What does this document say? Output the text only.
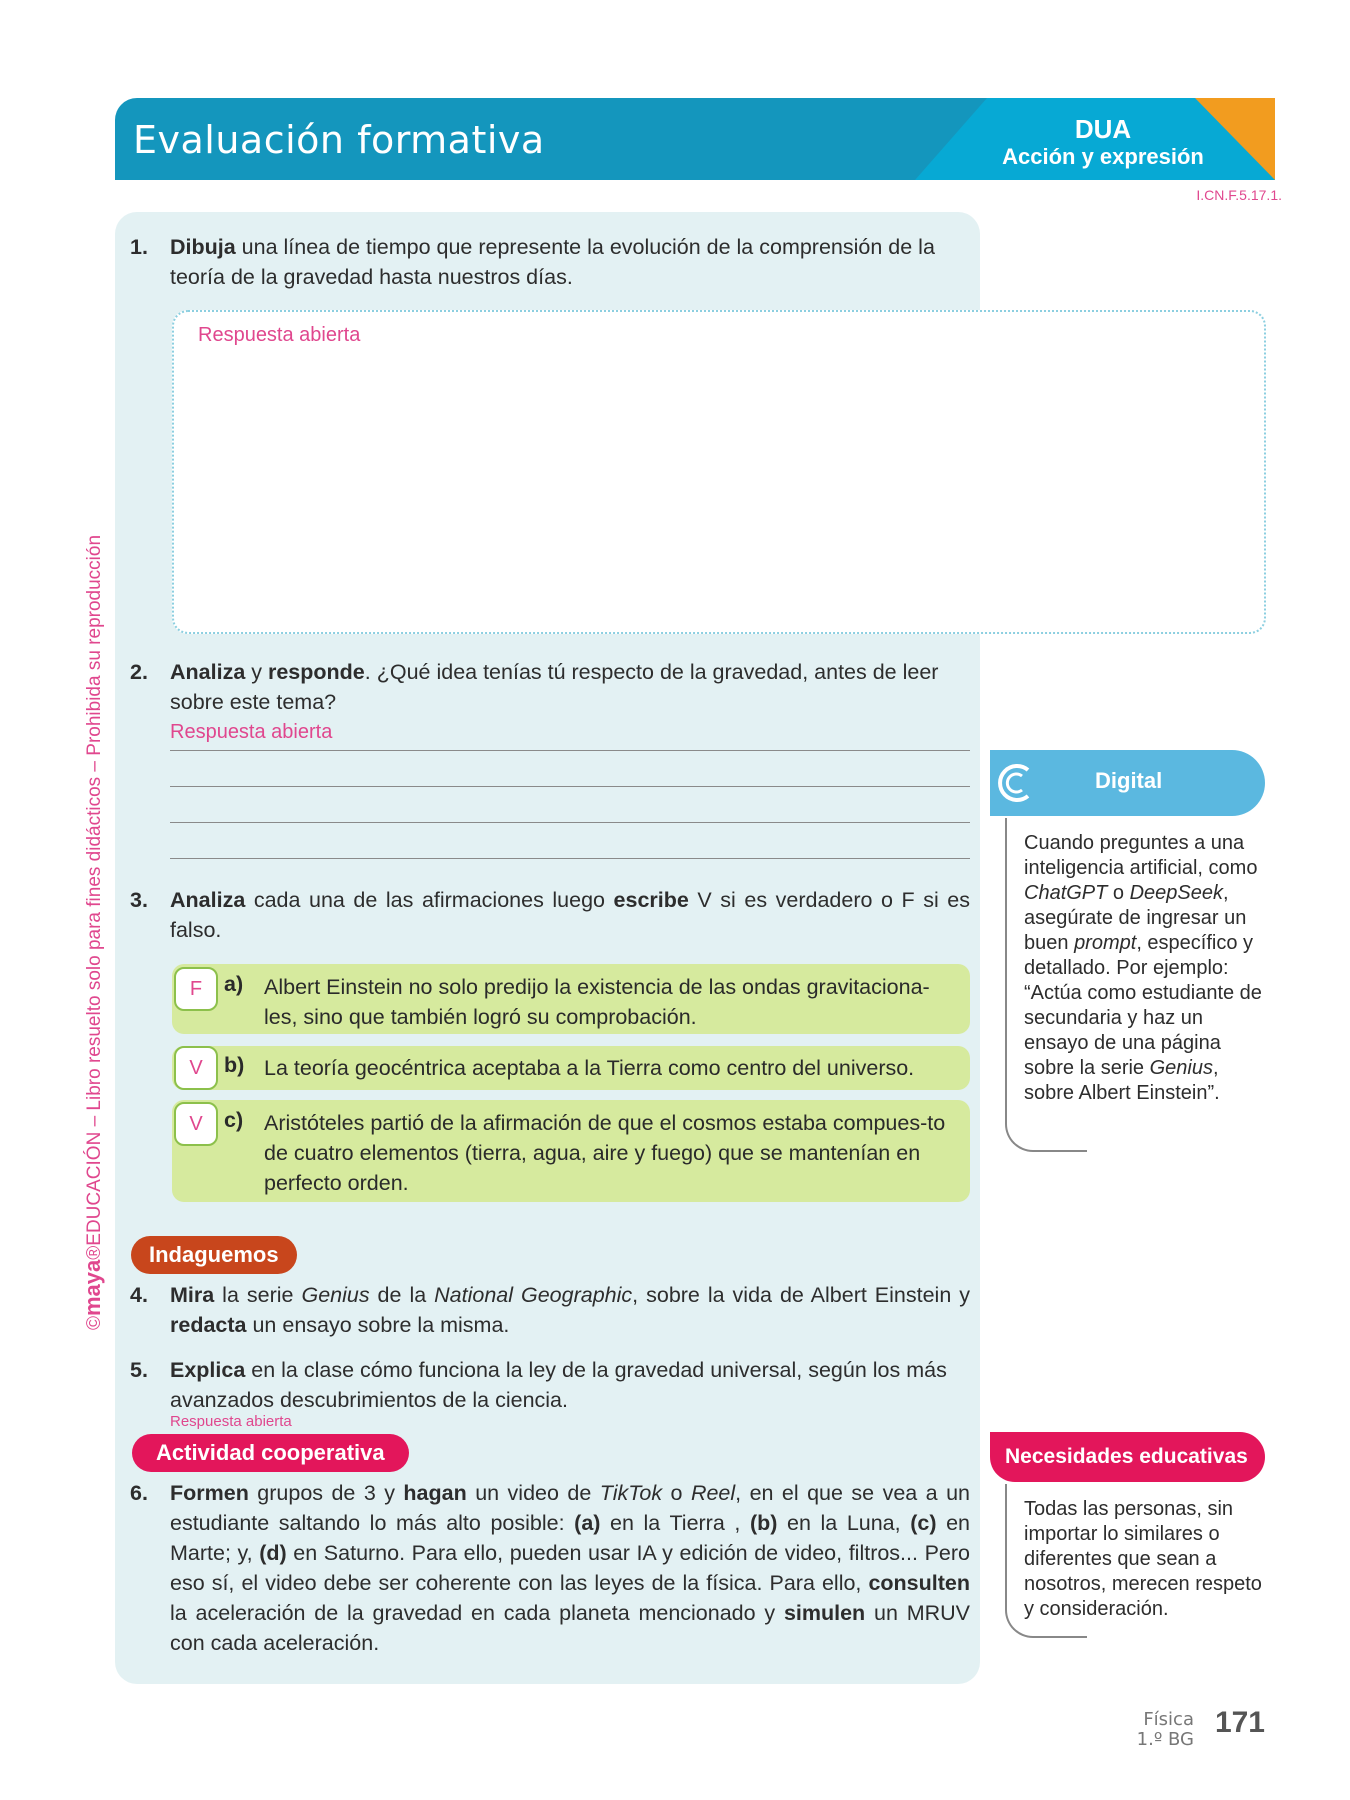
Evaluación formativa	DUA
Acción y expresión
I.CN.F.5.17.1.
©maya®EDUCACIÓN – Libro resuelto solo para fines didácticos – Prohibida su reproducción
1. Dibuja una línea de tiempo que represente la evolución de la comprensión de la teoría de la gravedad hasta nuestros días.
Respuesta abierta
2. Analiza y responde. ¿Qué idea tenías tú respecto de la gravedad, antes de leer sobre este tema?
Respuesta abierta
3. Analiza cada una de las afirmaciones luego escribe V si es verdadero o F si es falso.
F	a) Albert Einstein no solo predijo la existencia de las ondas gravitaciona-les, sino que también logró su comprobación.
V b) La teoría geocéntrica aceptaba a la Tierra como centro del universo.
V c) Aristóteles partió de la afirmación de que el cosmos estaba compues-to de cuatro elementos (tierra, agua, aire y fuego) que se mantenían en perfecto orden.
Indaguemos
4. Mira la serie Genius de la National Geographic, sobre la vida de Albert Einstein y redacta un ensayo sobre la misma.
5. Explica en la clase cómo funciona la ley de la gravedad universal, según los más avanzados descubrimientos de la ciencia.
Respuesta abierta
Actividad cooperativa
6. Formen grupos de 3 y hagan un video de TikTok o Reel, en el que se vea a un estudiante saltando lo más alto posible: (a) en la Tierra , (b) en la Luna, (c) en Marte; y, (d) en Saturno. Para ello, pueden usar IA y edición de video, filtros... Pero eso sí, el video debe ser coherente con las leyes de la física. Para ello, consulten la aceleración de la gravedad en cada planeta mencionado y simulen un MRUV con cada aceleración.
Digital
Cuando preguntes a una inteligencia artificial, como ChatGPT o DeepSeek, asegúrate de ingresar un buen prompt, específico y detallado. Por ejemplo: “Actúa como estudiante de secundaria y haz un ensayo de una página sobre la serie Genius, sobre Albert Einstein”.
Necesidades educativas
Todas las personas, sin importar lo similares o diferentes que sean a nosotros, merecen respeto y consideración.
Física
1.º BG
171
